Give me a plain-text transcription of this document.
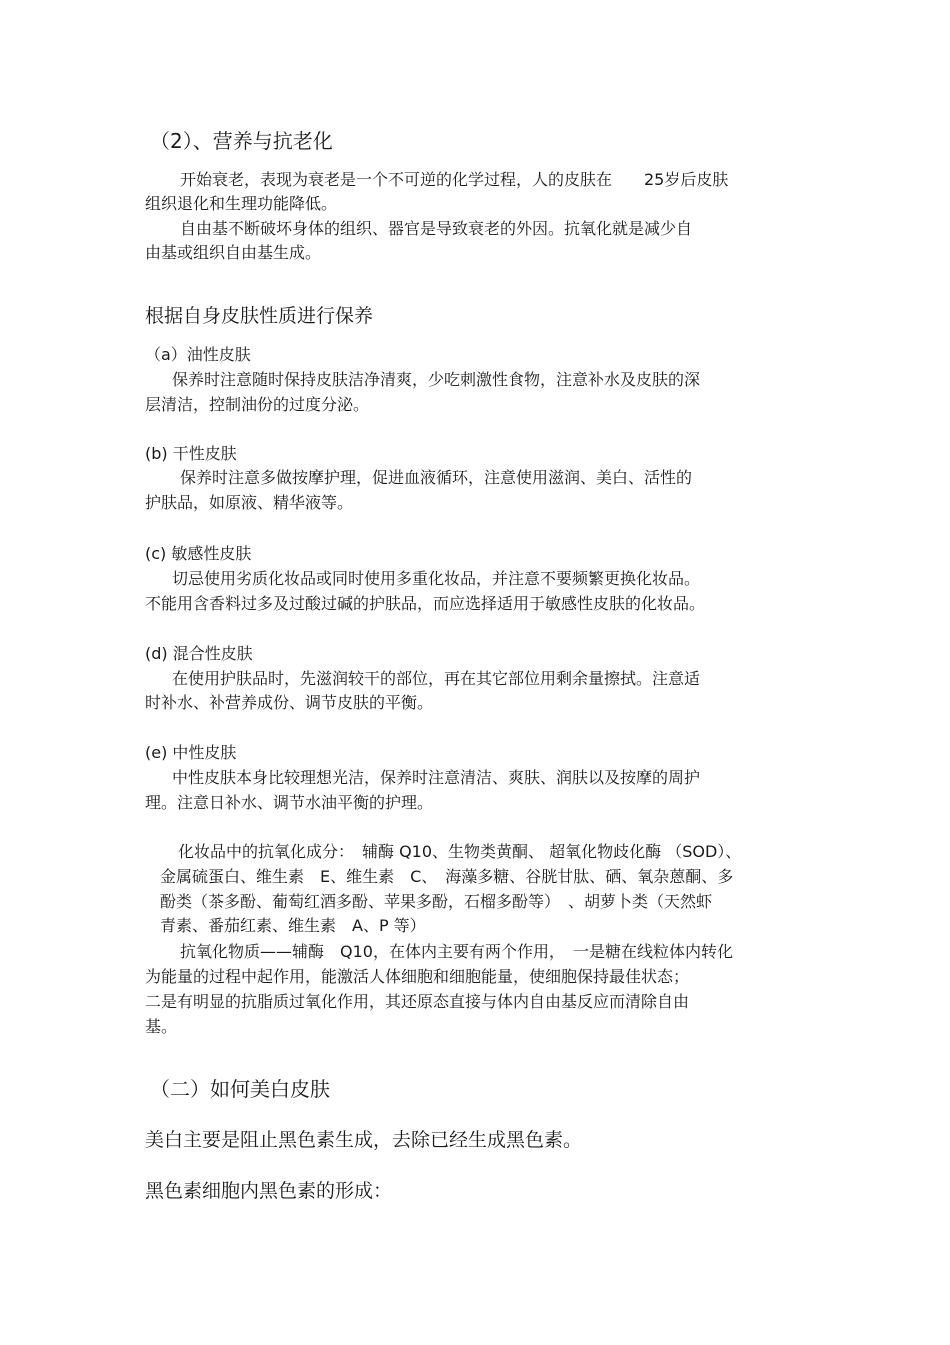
（2）、营养与抗老化

开始衰老，表现为衰老是一个不可逆的化学过程，人的皮肤在　　25岁后皮肤

组织退化和生理功能降低。

自由基不断破坏身体的组织、器官是导致衰老的外因。抗氧化就是减少自

由基或组织自由基生成。

根据自身皮肤性质进行保养

（a）油性皮肤

保养时注意随时保持皮肤洁净清爽，少吃刺激性食物，注意补水及皮肤的深

层清洁，控制油份的过度分泌。

(b) 干性皮肤

保养时注意多做按摩护理，促进血液循环，注意使用滋润、美白、活性的

护肤品，如原液、精华液等。

(c) 敏感性皮肤

切忌使用劣质化妆品或同时使用多重化妆品，并注意不要频繁更换化妆品。

不能用含香料过多及过酸过碱的护肤品，而应选择适用于敏感性皮肤的化妆品。

(d) 混合性皮肤

在使用护肤品时，先滋润较干的部位，再在其它部位用剩余量擦拭。注意适

时补水、补营养成份、调节皮肤的平衡。

(e) 中性皮肤

中性皮肤本身比较理想光洁，保养时注意清洁、爽肤、润肤以及按摩的周护

理。注意日补水、调节水油平衡的护理。

化妆品中的抗氧化成分：　辅酶 Q10、生物类黄酮、 超氧化物歧化酶 （SOD）、

金属硫蛋白、维生素　E、维生素　C、　海藻多糖、谷胱甘肽、硒、氧杂蒽酮、多

酚类（茶多酚、葡萄红酒多酚、苹果多酚，石榴多酚等）　、胡萝卜类（天然虾

青素、番茄红素、维生素　A、P 等）

抗氧化物质——辅酶　Q10，在体内主要有两个作用，　一是糖在线粒体内转化

为能量的过程中起作用，能激活人体细胞和细胞能量，使细胞保持最佳状态；

二是有明显的抗脂质过氧化作用，其还原态直接与体内自由基反应而清除自由

基。

（二）如何美白皮肤

美白主要是阻止黑色素生成，去除已经生成黑色素。

黑色素细胞内黑色素的形成：
